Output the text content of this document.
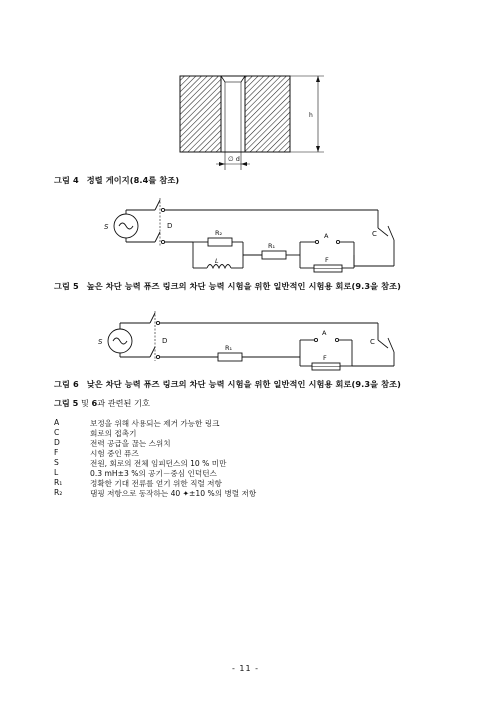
h
∅ d
그림 4 정렬 게이지(8.4를 참조)
S	D
C
R₂
L
R₁
A
F
그림 5 높은 차단 능력 퓨즈 링크의 차단 능력 시험을 위한 일반적인 시험용 회로(9.3을 참조)
S	D	C
R₁
A
F
그림 6 낮은 차단 능력 퓨즈 링크의 차단 능력 시험을 위한 일반적인 시험용 회로(9.3을 참조)
그림 5 및 6과 관련된 기호
A	보정을 위해 사용되는 제거 가능한 링크
C	회로의 접촉기
D	전력 공급을 끊는 스위치
F	시험 중인 퓨즈
S	전원, 회로의 전체 임피던스의 10 % 미만
L	0.3 mH±3 %의 공기－중심 인덕턴스
R₁	정확한 기대 전류를 얻기 위한 직렬 저항
R₂	댐핑 저항으로 동작하는 40 ✦±10 %의 병렬 저항
- 11 -
